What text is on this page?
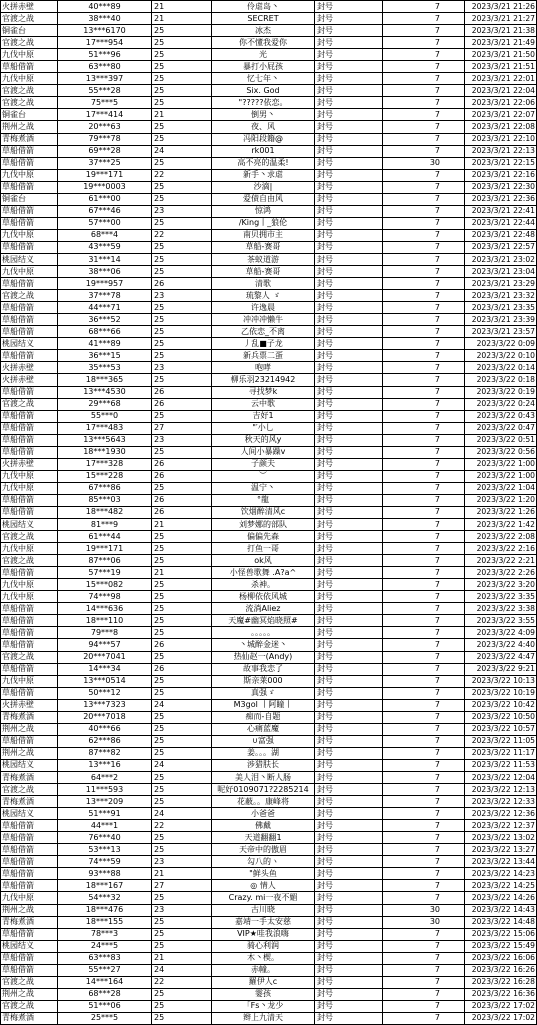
火拼赤壁	40***89	21	伶虐岛丶	封号	7	2023/3/21 21:26
官渡之战	38***40	21	SECRET	封号	7	2023/3/21 21:27
铜雀台	13***6170	25	冰杰	封号	7	2023/3/21 21:38
官渡之战	17***954	25	你不懂我爱你	封号	7	2023/3/21 21:49
九伐中原	51***96	25	光	封号	7	2023/3/21 21:50
草船借箭	63***80	25	暴打小屁孩	封号	7	2023/3/21 21:51
九伐中原	13***397	25	忆七年丶	封号	7	2023/3/21 22:01
官渡之战	55***28	25	Six. God	封号	7	2023/3/21 22:04
官渡之战	75***5	25	"?????依恋。	封号	7	2023/3/21 22:06
铜雀台	17***414	21	倒男丶	封号	7	2023/3/21 22:07
荆州之战	20***63	25	夜、风	封号	7	2023/3/21 22:08
青梅煮酒	79***78	25	冯阳段籍@	封号	7	2023/3/21 22:10
草船借箭	69***28	24	rk001	封号	7	2023/3/21 22:13
草船借箭	37***25	25	高不亮的温柔!	封号	30	2023/3/21 22:15
九伐中原	19***171	22	新手丶求虐	封号	7	2023/3/21 22:16
草船借箭	19***0003	25	沙滴|	封号	7	2023/3/21 22:30
铜雀台	61***00	25	爱债自由风	封号	7	2023/3/21 22:36
草船借箭	67***46	23	惊鸿	封号	7	2023/3/21 22:41
草船借箭	57***00	25	/King丨_狼伦	封号	7	2023/3/21 22:44
九伐中原	68***4	22	南贝拥市主	封号	7	2023/3/21 22:48
草船借箭	43***59	25	草船-赛哥	封号	7	2023/3/21 22:57
桃园结义	31***14	25	茶蚁道游	封号	7	2023/3/21 23:02
九伐中原	38***06	25	草船-赛哥	封号	7	2023/3/21 23:04
草船借箭	19***957	26	清歌	封号	7	2023/3/21 23:29
官渡之战	37***78	23	琉黎人 ゞ	封号	7	2023/3/21 23:32
草船借箭	44***71	25	许逸晨	封号	7	2023/3/21 23:35
草船借箭	36***52	25	冲冲冲懒牛	封号	7	2023/3/21 23:39
草船借箭	68***66	25	乙依恋_不离	封号	7	2023/3/21 23:57
桃园结义	41***89	25	丿乱■子龙	封号	7	2023/3/22 0:09
草船借箭	36***15	25	新兵票二蛋	封号	7	2023/3/22 0:10
火拼赤壁	35***53	23	咆哮	封号	7	2023/3/22 0:14
火拼赤壁	18***365	25	柳乐羽23214942	封号	7	2023/3/22 0:18
草船借箭	13***4530	26	寻找梦k	封号	7	2023/3/22 0:19
官渡之战	29***68	26	云中歌	封号	7	2023/3/22 0:24
草船借箭	55***0	25	吉好1	封号	7	2023/3/22 0:43
草船借箭	17***483	27	"′小乚	封号	7	2023/3/22 0:47
草船借箭	13***5643	23	秋天的风y	封号	7	2023/3/22 0:51
草船借箭	18***1930	25	人间小暴躁v	封号	7	2023/3/22 0:56
火拼赤壁	17***328	26	子颜夫	封号	7	2023/3/22 1:00
九伐中原	15***228	26	︶	封号	7	2023/3/22 1:00
九伐中原	67***86	25	温宁丶	封号	7	2023/3/22 1:04
草船借箭	85***03	26	°龍	封号	7	2023/3/22 1:20
草船借箭	18***482	26	饮烟醉清风c	封号	7	2023/3/22 1:26
桃园结义	81***9	21	刘梦娜的部队	封号	7	2023/3/22 1:42
官渡之战	61***44	25	偏偏先森	封号	7	2023/3/22 2:08
九伐中原	19***171	25	打鱼一哥	封号	7	2023/3/22 2:16
官渡之战	87***06	25	ok风	封号	7	2023/3/22 2:21
草船借箭	57***19	21	小怪兽歌舞 .A?a^	封号	7	2023/3/22 2:26
九伐中原	15***082	25	杀神。	封号	7	2023/3/22 3:20
九伐中原	74***98	25	杨柳依依风城	封号	7	2023/3/22 3:35
草船借箭	14***636	25	流淌Aliez	封号	7	2023/3/22 3:38
草船借箭	18***110	25	天魔#幽冥焰晓照#	封号	7	2023/3/22 3:55
草船借箭	79***8	25	。。。。。	封号	7	2023/3/22 4:09
草船借箭	94***57	26	丶城醉金迷丶	封号	7	2023/3/22 4:40
官渡之战	20***7041	25	热仙赵一(Andy)	封号	7	2023/3/22 4:47
草船借箭	14***34	26	故事我恋了	封号	7	2023/3/22 9:21
九伐中原	13***0514	25	斯亲莱000	封号	7	2023/3/22 10:13
草船借箭	50***12	25	真强ゞ	封号	7	2023/3/22 10:19
火拼赤壁	13***7323	24	M3gol 丨阿瞳丨	封号	7	2023/3/22 10:42
青梅煮酒	20***7018	25	痴而-自题	封号	7	2023/3/22 10:50
荆州之战	40***66	25	心痛蓝魔	封号	7	2023/3/22 10:57
草船借箭	62***86	25	∪富强	封号	7	2023/3/22 11:05
荆州之战	87***82	25	姜。。。湖	封号	7	2023/3/22 11:17
桃园结义	13***16	24	涉猎肤长	封号	7	2023/3/22 11:53
青梅煮酒	64***2	25	美人泪丶断人肠	封号	7	2023/3/22 12:04
官渡之战	11***593	25	呢好0109071?2285214	封号	7	2023/3/22 12:13
青梅煮酒	13***209	25	花蔽。。康峰将	封号	7	2023/3/22 12:33
桃园结义	51***91	24	小爸爸	封号	7	2023/3/22 12:36
草船借箭	44***1	22	佛戴	封号	7	2023/3/22 12:37
草船借箭	76***40	25	天道翻翻1	封号	7	2023/3/22 13:02
草船借箭	53***13	25	天帝中的傲眉	封号	7	2023/3/22 13:27
草船借箭	74***59	23	勾八的ヽ	封号	7	2023/3/22 13:44
草船借箭	93***88	21	"鲜头鱼	封号	7	2023/3/22 14:23
草船借箭	18***167	27	◎ 情人	封号	7	2023/3/22 14:25
九伐中原	54***32	25	Crazy. mi一夜不媚	封号	7	2023/3/22 14:26
荆州之战	18***476	23	古川晓	封号	30	2023/3/22 14:43
青梅煮酒	18***155	25	嘉靖一手太安慈	封号	30	2023/3/22 14:48
草船借箭	78***3	25	VIP★哇我浪嗨	封号	7	2023/3/22 15:06
桃园结义	24***5	25	骑心利润	封号	7	2023/3/22 15:49
草船借箭	63***83	21	木丶楔。	封号	7	2023/3/22 16:06
草船借箭	55***27	24	赤幢。	封号	7	2023/3/22 16:26
官渡之战	14***164	22	羅伊人c	封号	7	2023/3/22 16:28
荆州之战	68***28	25	霎孩	封号	7	2023/3/22 16:36
官渡之战	51***06	25	「Fs丶龙少	封号	7	2023/3/22 17:02
青梅煮酒	25***5	25	辫上九清天	封号	7	2023/3/22 17:02
